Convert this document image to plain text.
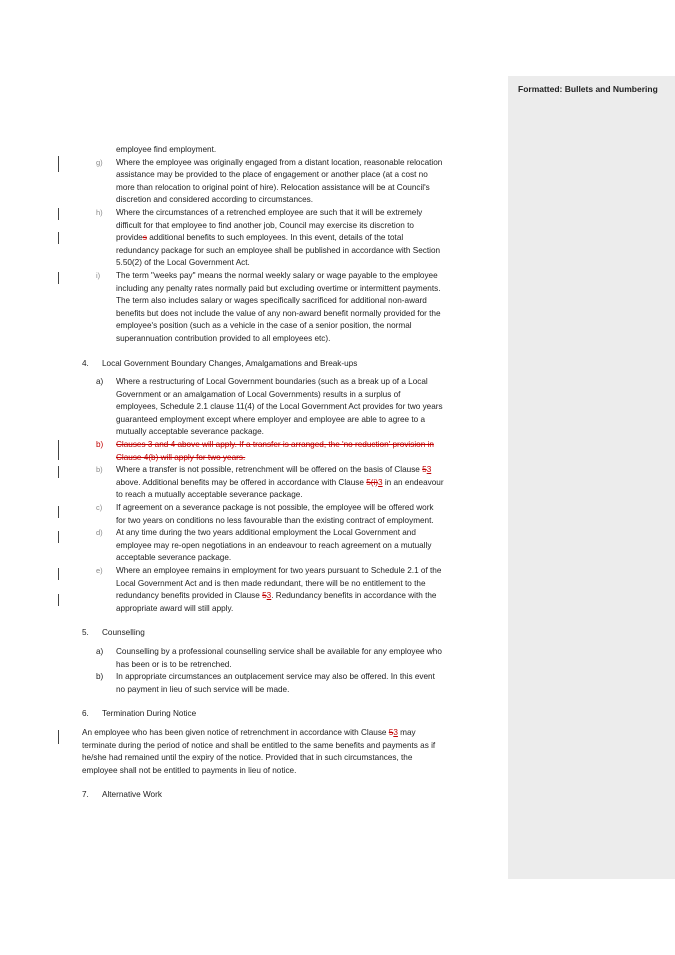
Formatted: Bullets and Numbering
employee find employment.
g)	Where the employee was originally engaged from a distant location, reasonable relocation
assistance may be provided to the place of engagement or another place (at a cost no
more than relocation to original point of hire). Relocation assistance will be at Council's
discretion and considered according to circumstances.
h)	Where the circumstances of a retrenched employee are such that it will be extremely
difficult for that employee to find another job, Council may exercise its discretion to
provides additional benefits to such employees. In this event, details of the total
redundancy package for such an employee shall be published in accordance with Section
5.50(2) of the Local Government Act.
i)	The term "weeks pay" means the normal weekly salary or wage payable to the employee
including any penalty rates normally paid but excluding overtime or intermittent payments.
The term also includes salary or wages specifically sacrificed for additional non-award
benefits but does not include the value of any non-award benefit normally provided for the
employee's position (such as a vehicle in the case of a senior position, the normal
superannuation contribution provided to all employees etc).
4. Local Government Boundary Changes, Amalgamations and Break-ups
a) Where a restructuring of Local Government boundaries (such as a break up of a Local
Government or an amalgamation of Local Governments) results in a surplus of
employees, Schedule 2.1 clause 11(4) of the Local Government Act provides for two years
guaranteed employment except where employer and employee are able to agree to a
mutually acceptable severance package.
b) Clauses 3 and 4 above will apply. If a transfer is arranged, the 'no reduction' provision in
Clause 4(b) will apply for two years.
b) Where a transfer is not possible, retrenchment will be offered on the basis of Clause 53
above. Additional benefits may be offered in accordance with Clause 5(i)3 in an endeavour
to reach a mutually acceptable severance package.
c) If agreement on a severance package is not possible, the employee will be offered work
for two years on conditions no less favourable than the existing contract of employment.
d) At any time during the two years additional employment the Local Government and
employee may re-open negotiations in an endeavour to reach agreement on a mutually
acceptable severance package.
e) Where an employee remains in employment for two years pursuant to Schedule 2.1 of the
Local Government Act and is then made redundant, there will be no entitlement to the
redundancy benefits provided in Clause 53. Redundancy benefits in accordance with the
appropriate award will still apply.
5. Counselling
a) Counselling by a professional counselling service shall be available for any employee who
has been or is to be retrenched.
b) In appropriate circumstances an outplacement service may also be offered. In this event
no payment in lieu of such service will be made.
6. Termination During Notice
An employee who has been given notice of retrenchment in accordance with Clause 53 may
terminate during the period of notice and shall be entitled to the same benefits and payments as if
he/she had remained until the expiry of the notice. Provided that in such circumstances, the
employee shall not be entitled to payments in lieu of notice.
7. Alternative Work
